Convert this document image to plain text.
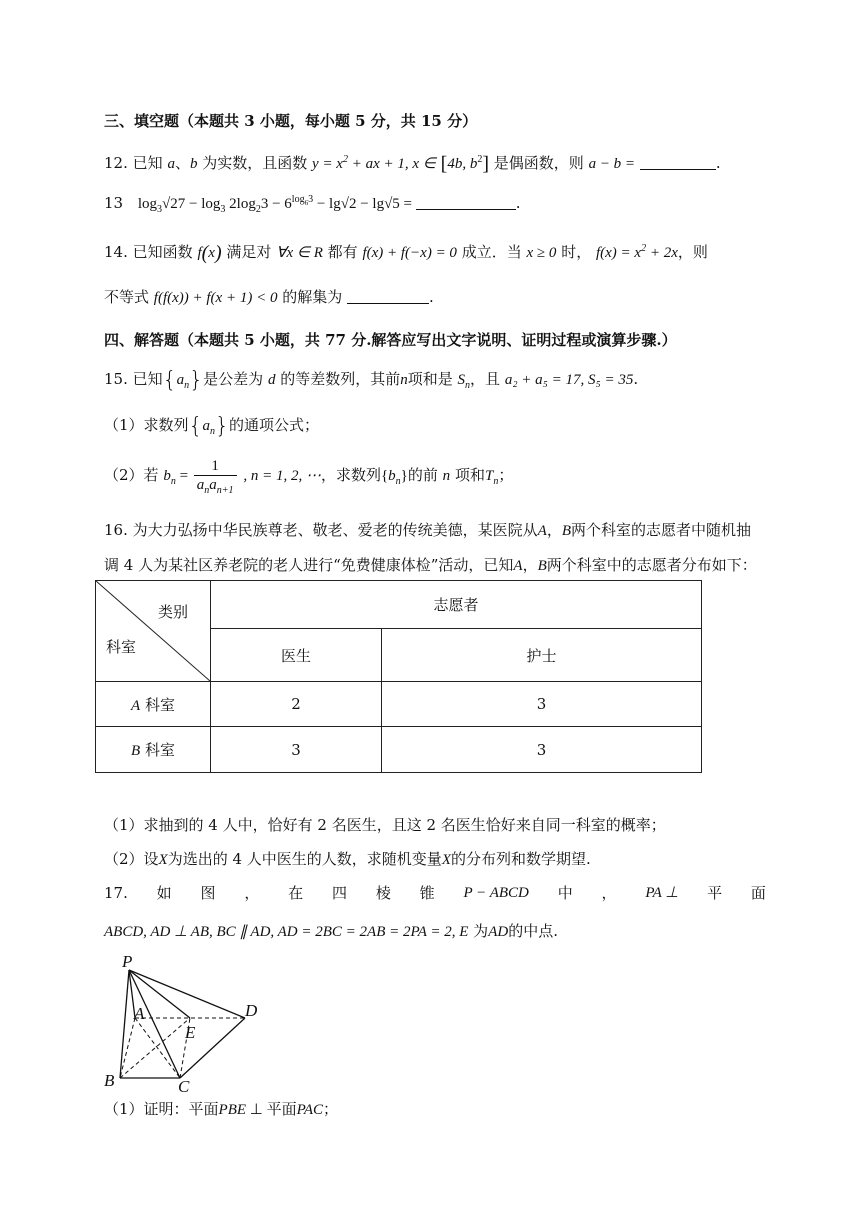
三、填空题（本题共 3 小题，每小题 5 分，共 15 分）
12. 已知 a、b 为实数，且函数 $y = x^2$ + ax + 1, x ∈ [4b, $b^2$] 是偶函数，则 a − b =	.
13 $\log_3√27 - \log_3 2\log_23 - 6^{log_63} - \lg√2 - \lg√5$ =	.
14. 已知函数 f(x) 满足对 ∀x ∈ R 都有 f(x) + f(−x) = 0 成立．当 x ≥ 0 时， $f(x) = x^2 + 2x$，则
不等式 f(f(x)) + f(x + 1) < 0 的解集为	.
四、解答题（本题共 5 小题，共 77 分.解答应写出文字说明、证明过程或演算步骤.）
15. 已知$\{a_n\}$是公差为 d 的等差数列，其前n项和是 $S_n$，且 a₂ + a₅ = 17, S₅ = 35.
（1）求数列$\{a_n\}$的通项公式；
（2）若 $b_n = \frac{1}{a_na_{n+1}}$ , n = 1, 2, ⋯，求数列$\{b_n\}$的前 n 项和$T_n$；
16. 为大力弘扬中华民族尊老、敬老、爱老的传统美德，某医院从A，B两个科室的志愿者中随机抽
调 4 人为某社区养老院的老人进行“免费健康体检”活动，已知A，B两个科室中的志愿者分布如下：
类别
科室	志愿者	
	医生	护士
A 科室	2	3
B 科室	3	3
（1）求抽到的 4 人中，恰好有 2 名医生，且这 2 名医生恰好来自同一科室的概率；
（2）设X为选出的 4 人中医生的人数，求随机变量X的分布列和数学期望.
17. 如 图 ， 在 四 棱 锥 P − ABCD 中 ， PA ⊥ 平 面
ABCD, AD ⊥ AB, BC ∥ AD, AD = 2BC = 2AB = 2PA = 2, E 为AD的中点.
P
A
B	C
D
E
（1）证明：平面PBE ⊥ 平面PAC；
